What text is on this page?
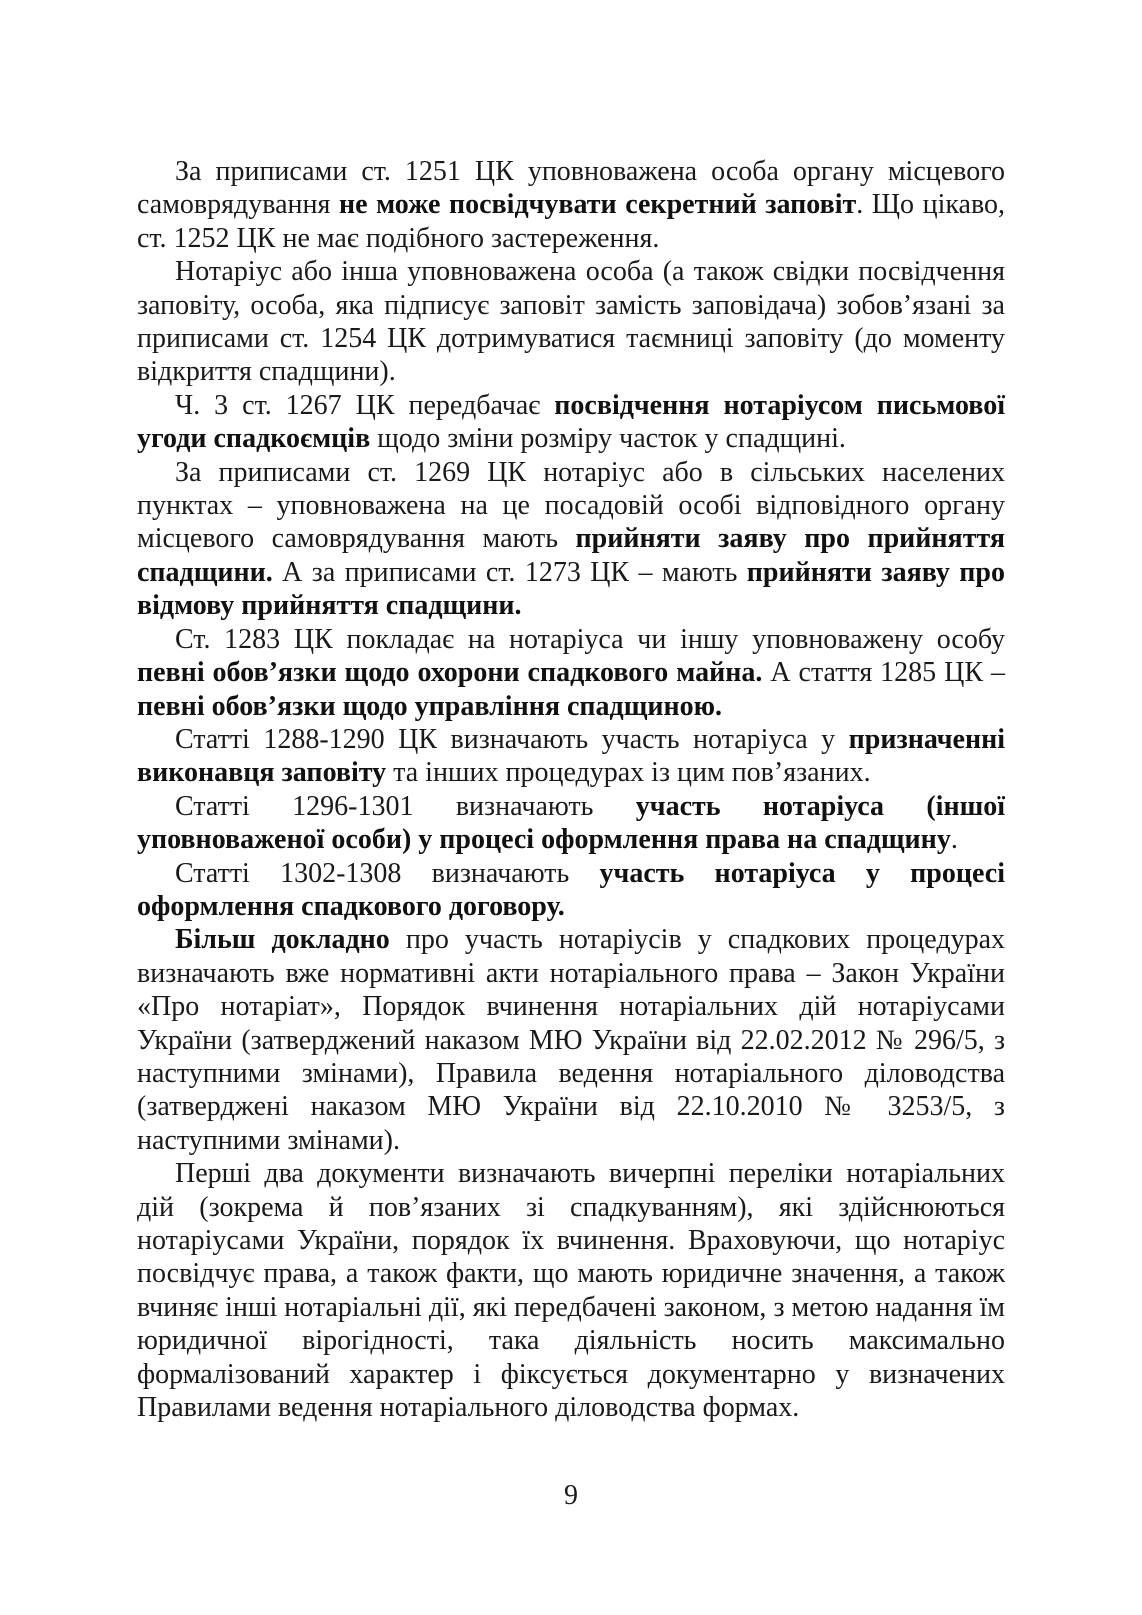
За приписами ст. 1251 ЦК уповноважена особа органу місцевого самоврядування не може посвідчувати секретний заповіт. Що цікаво, ст. 1252 ЦК не має подібного застереження.

Нотаріус або інша уповноважена особа (а також свідки посвідчення заповіту, особа, яка підписує заповіт замість заповідача) зобов’язані за приписами ст. 1254 ЦК дотримуватися таємниці заповіту (до моменту відкриття спадщини).

Ч. 3 ст. 1267 ЦК передбачає посвідчення нотаріусом письмової угоди спадкоємців щодо зміни розміру часток у спадщині.

За приписами ст. 1269 ЦК нотаріус або в сільських населених пунктах – уповноважена на це посадовій особі відповідного органу місцевого самоврядування мають прийняти заяву про прийняття спадщини. А за приписами ст. 1273 ЦК – мають прийняти заяву про відмову прийняття спадщини.

Ст. 1283 ЦК покладає на нотаріуса чи іншу уповноважену особу певні обов’язки щодо охорони спадкового майна. А стаття 1285 ЦК – певні обов’язки щодо управління спадщиною.

Статті 1288-1290 ЦК визначають участь нотаріуса у призначенні виконавця заповіту та інших процедурах із цим пов’язаних.

Статті 1296-1301 визначають участь нотаріуса (іншої уповноваженої особи) у процесі оформлення права на спадщину.

Статті 1302-1308 визначають участь нотаріуса у процесі оформлення спадкового договору.

Більш докладно про участь нотаріусів у спадкових процедурах визначають вже нормативні акти нотаріального права – Закон України «Про нотаріат», Порядок вчинення нотаріальних дій нотаріусами України (затверджений наказом МЮ України від 22.02.2012 № 296/5, з наступними змінами), Правила ведення нотаріального діловодства (затверджені наказом МЮ України від 22.10.2010 № 3253/5, з наступними змінами).

Перші два документи визначають вичерпні переліки нотаріальних дій (зокрема й пов’язаних зі спадкуванням), які здійснюються нотаріусами України, порядок їх вчинення. Враховуючи, що нотаріус посвідчує права, а також факти, що мають юридичне значення, а також вчиняє інші нотаріальні дії, які передбачені законом, з метою надання їм юридичної вірогідності, така діяльність носить максимально формалізований характер і фіксується документарно у визначених Правилами ведення нотаріального діловодства формах.

9
